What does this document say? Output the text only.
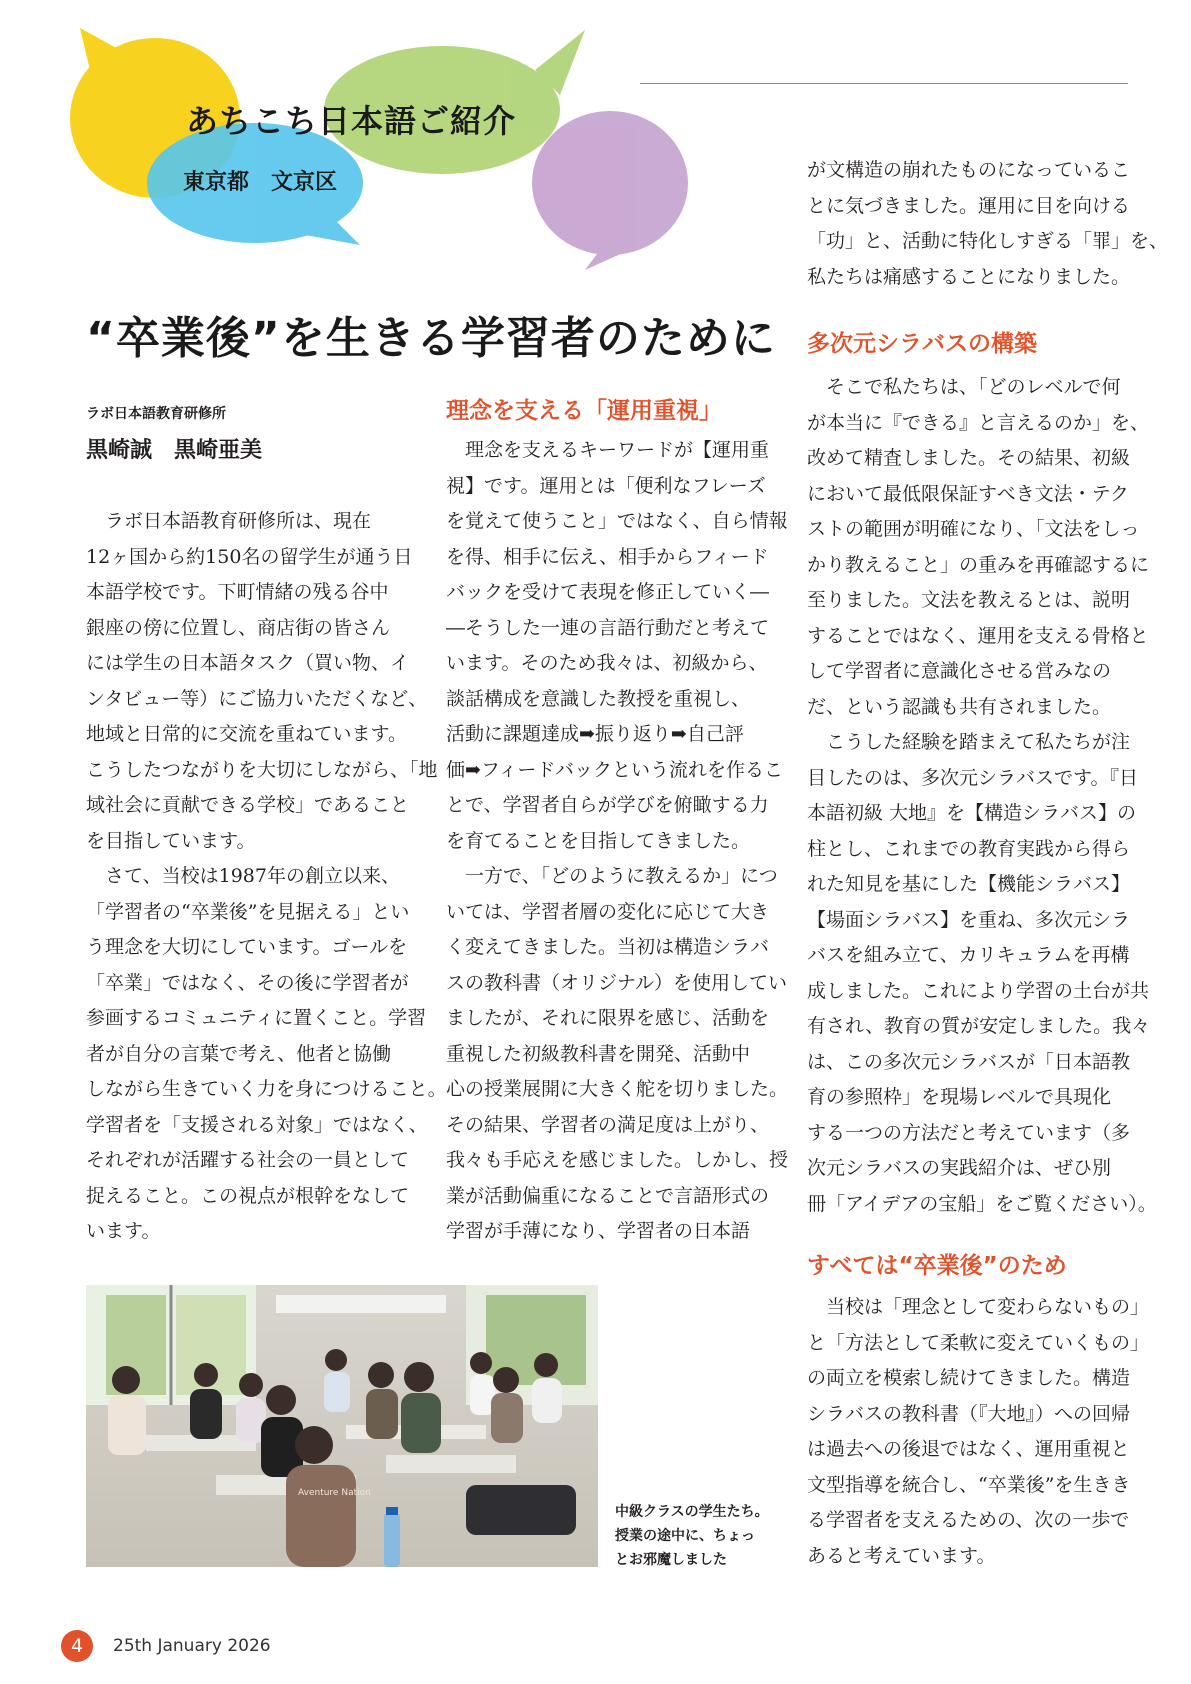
あちこち日本語ご紹介
東京都　文京区
“卒業後”を生きる学習者のために
ラボ日本語教育研修所
黒崎誠　黒崎亜美

　ラボ日本語教育研修所は、現在

12ヶ国から約150名の留学生が通う日

本語学校です。下町情緒の残る谷中

銀座の傍に位置し、商店街の皆さん

には学生の日本語タスク（買い物、イ

ンタビュー等）にご協力いただくなど、

地域と日常的に交流を重ねています。

こうしたつながりを大切にしながら、「地

域社会に貢献できる学校」であること

を目指しています。

　さて、当校は1987年の創立以来、

「学習者の“卒業後”を見据える」とい

う理念を大切にしています。ゴールを

「卒業」ではなく、その後に学習者が

参画するコミュニティに置くこと。学習

者が自分の言葉で考え、他者と協働

しながら生きていく力を身につけること。

学習者を「支援される対象」ではなく、

それぞれが活躍する社会の一員として

捉えること。この視点が根幹をなして

います。

理念を支える「運用重視」

　理念を支えるキーワードが【運用重

視】です。運用とは「便利なフレーズ

を覚えて使うこと」ではなく、自ら情報

を得、相手に伝え、相手からフィード

バックを受けて表現を修正していく―

―そうした一連の言語行動だと考えて

います。そのため我々は、初級から、

談話構成を意識した教授を重視し、

活動に課題達成➡振り返り➡自己評

価➡フィードバックという流れを作るこ

とで、学習者自らが学びを俯瞰する力

を育てることを目指してきました。

　一方で、「どのように教えるか」につ

いては、学習者層の変化に応じて大き

く変えてきました。当初は構造シラバ

スの教科書（オリジナル）を使用してい

ましたが、それに限界を感じ、活動を

重視した初級教科書を開発、活動中

心の授業展開に大きく舵を切りました。

その結果、学習者の満足度は上がり、

我々も手応えを感じました。しかし、授

業が活動偏重になることで言語形式の

学習が手薄になり、学習者の日本語

が文構造の崩れたものになっているこ

とに気づきました。運用に目を向ける

「功」と、活動に特化しすぎる「罪」を、

私たちは痛感することになりました。

多次元シラバスの構築

　そこで私たちは、「どのレベルで何

が本当に『できる』と言えるのか」を、

改めて精査しました。その結果、初級

において最低限保証すべき文法・テク

ストの範囲が明確になり、「文法をしっ

かり教えること」の重みを再確認するに

至りました。文法を教えるとは、説明

することではなく、運用を支える骨格と

して学習者に意識化させる営みなの

だ、という認識も共有されました。

　こうした経験を踏まえて私たちが注

目したのは、多次元シラバスです。『日

本語初級 大地』を【構造シラバス】の

柱とし、これまでの教育実践から得ら

れた知見を基にした【機能シラバス】

【場面シラバス】を重ね、多次元シラ

バスを組み立て、カリキュラムを再構

成しました。これにより学習の土台が共

有され、教育の質が安定しました。我々

は、この多次元シラバスが「日本語教

育の参照枠」を現場レベルで具現化

する一つの方法だと考えています（多

次元シラバスの実践紹介は、ぜひ別

冊「アイデアの宝船」をご覧ください）。

すべては“卒業後”のため

　当校は「理念として変わらないもの」

と「方法として柔軟に変えていくもの」

の両立を模索し続けてきました。構造

シラバスの教科書（『大地』）への回帰

は過去への後退ではなく、運用重視と

文型指導を統合し、“卒業後”を生きき

る学習者を支えるための、次の一歩で

あると考えています。

Aventure Nation
中級クラスの学生たち。
授業の途中に、ちょっ
とお邪魔しました
4	25th January 2026
